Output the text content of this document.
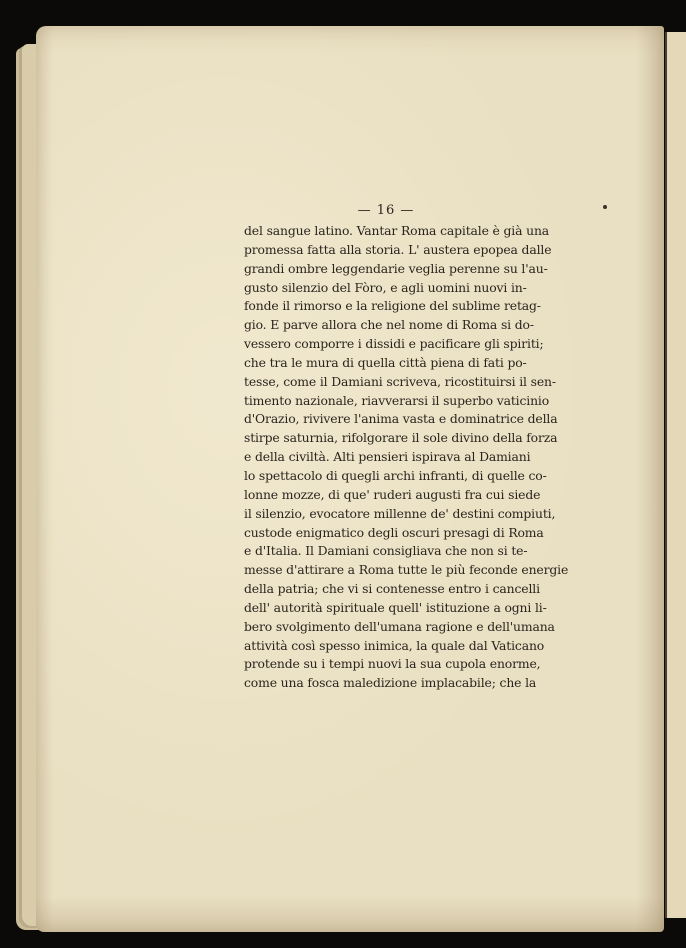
— 16 —
del sangue latino. Vantar Roma capitale è già una
promessa fatta alla storia. L' austera epopea dalle
grandi ombre leggendarie veglia perenne su l'au-
gusto silenzio del Fòro, e agli uomini nuovi in-
fonde il rimorso e la religione del sublime retag-
gio. E parve allora che nel nome di Roma si do-
vessero comporre i dissidi e pacificare gli spiriti;
che tra le mura di quella città piena di fati po-
tesse, come il Damiani scriveva, ricostituirsi il sen-
timento nazionale, riavverarsi il superbo vaticinio
d'Orazio, rivivere l'anima vasta e dominatrice della
stirpe saturnia, rifolgorare il sole divino della forza
e della civiltà. Alti pensieri ispirava al Damiani
lo spettacolo di quegli archi infranti, di quelle co-
lonne mozze, di que' ruderi augusti fra cui siede
il silenzio, evocatore millenne de' destini compiuti,
custode enigmatico degli oscuri presagi di Roma
e d'Italia. Il Damiani consigliava che non si te-
messe d'attirare a Roma tutte le più feconde energie
della patria; che vi si contenesse entro i cancelli
dell' autorità spirituale quell' istituzione a ogni li-
bero svolgimento dell'umana ragione e dell'umana
attività così spesso inimica, la quale dal Vaticano
protende su i tempi nuovi la sua cupola enorme,
come una fosca maledizione implacabile; che la
